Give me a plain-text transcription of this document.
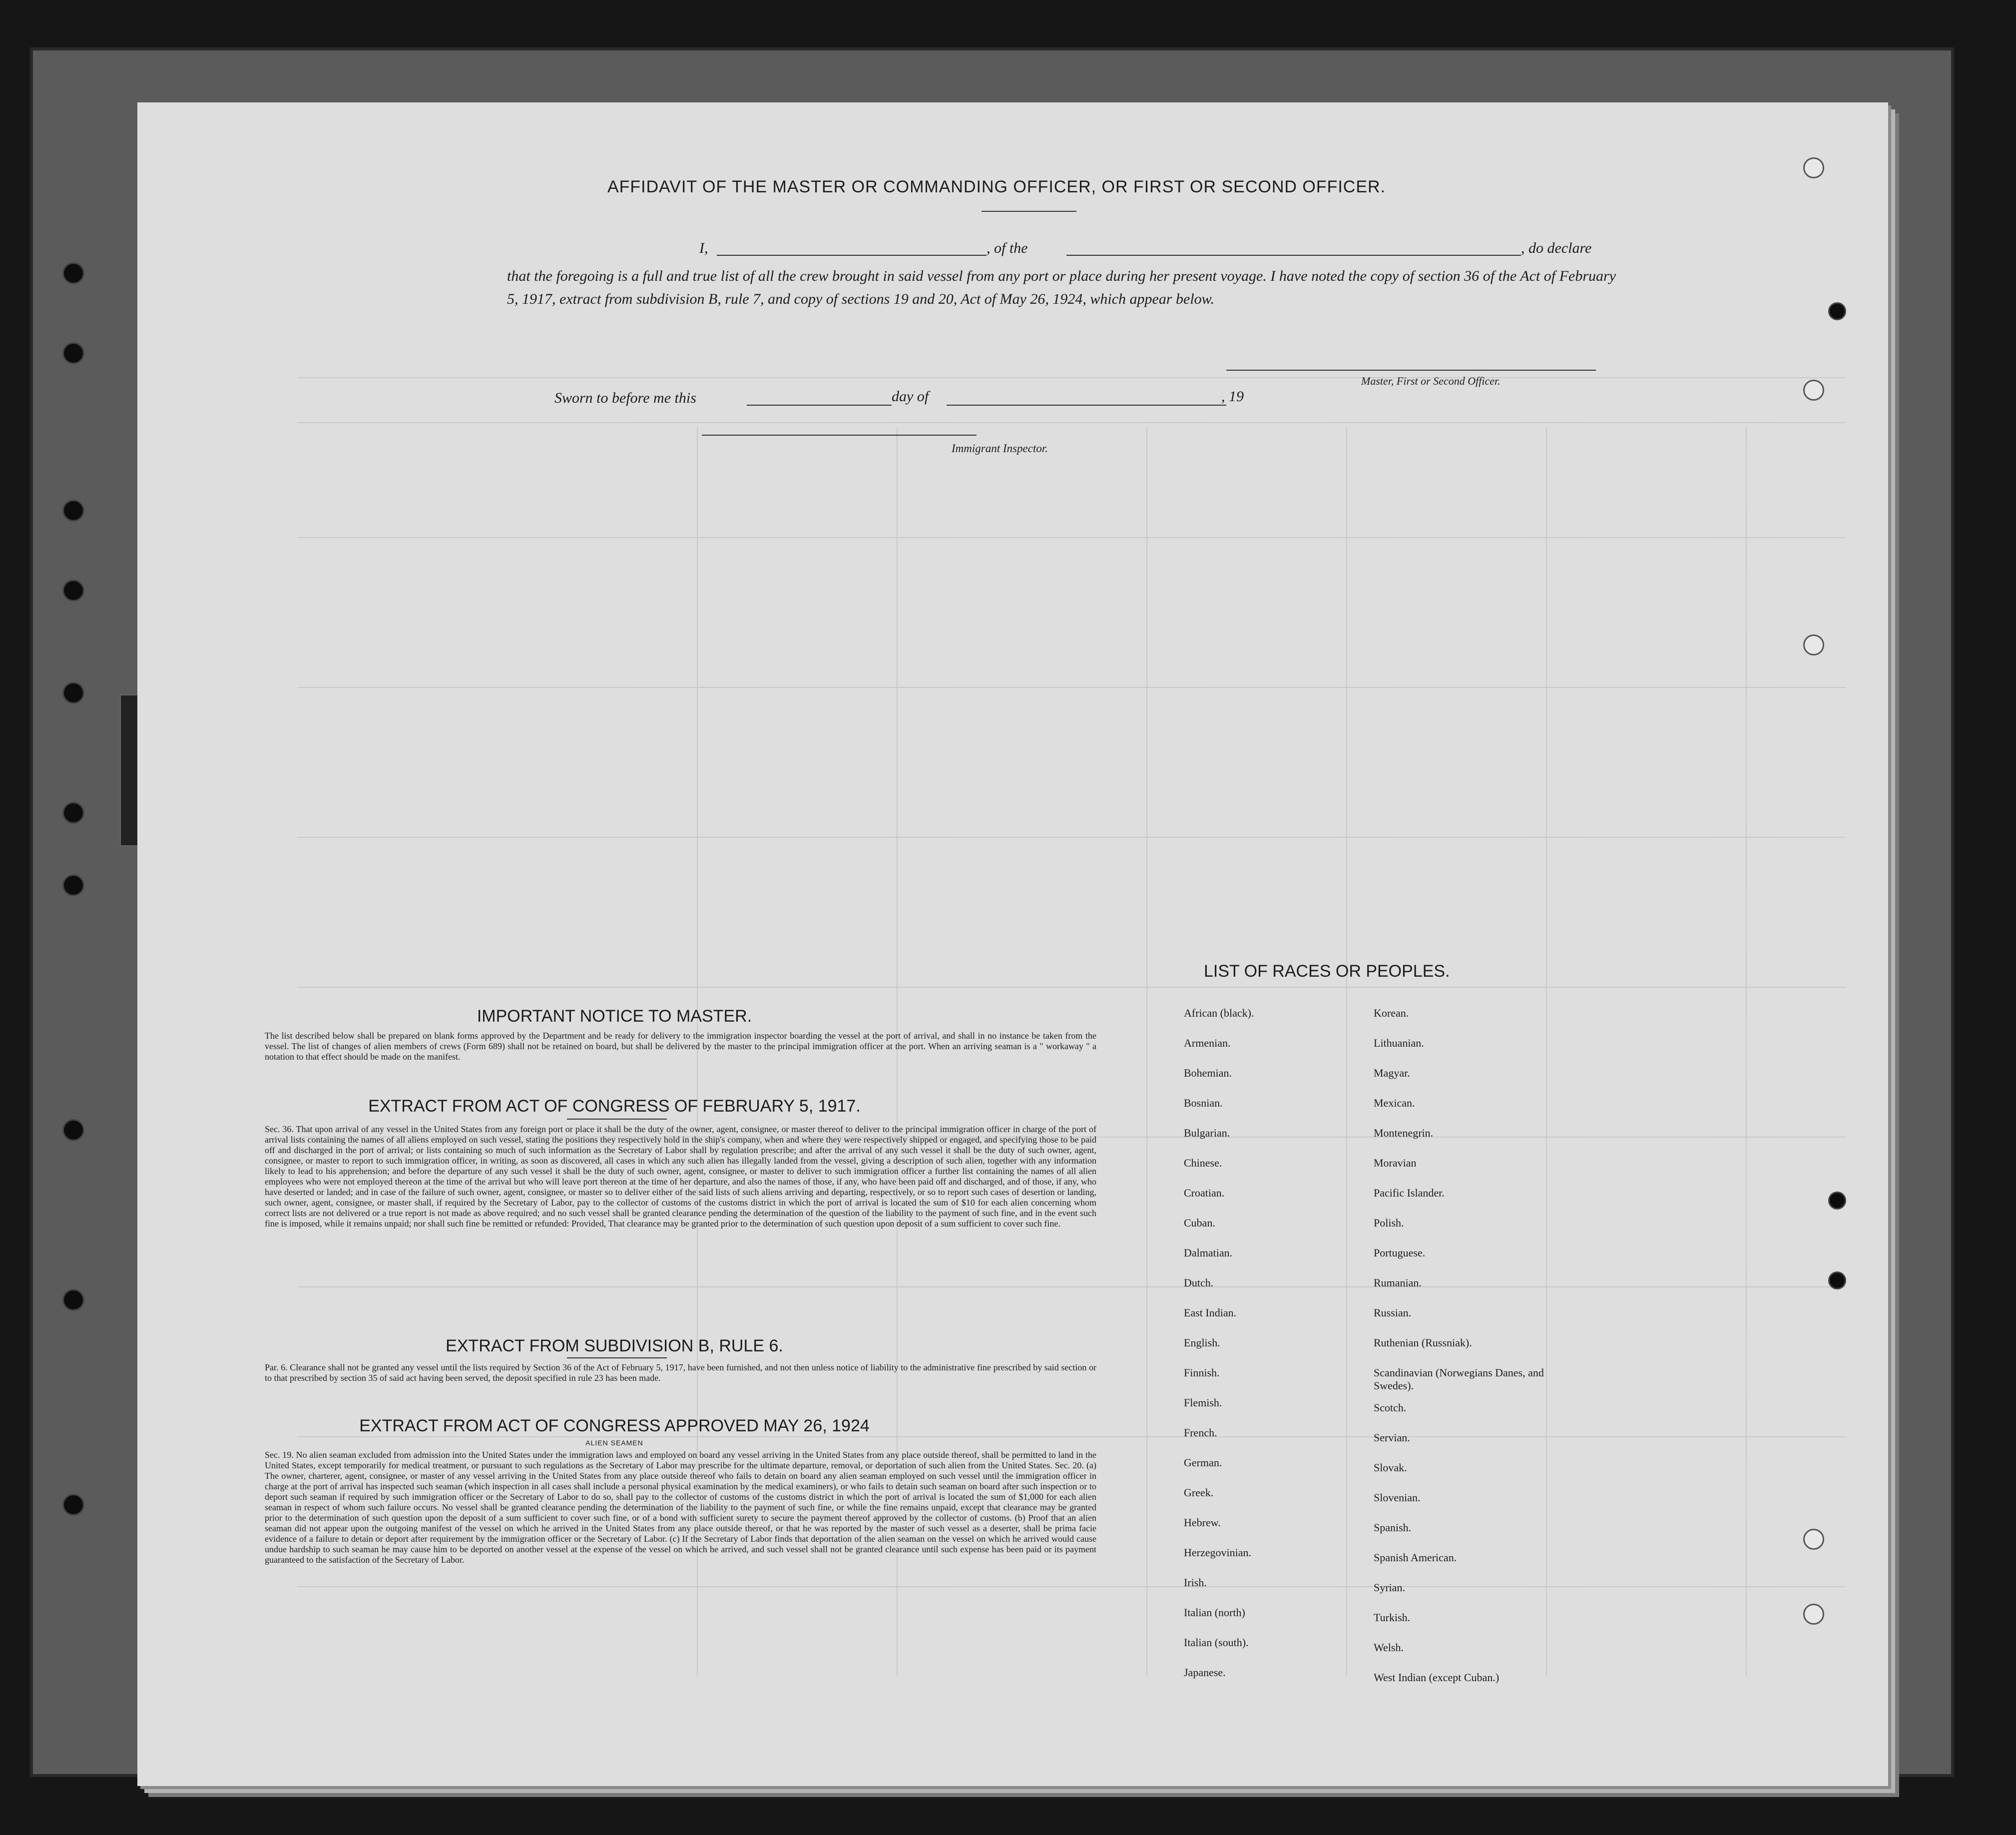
AFFIDAVIT OF THE MASTER OR COMMANDING OFFICER, OR FIRST OR SECOND OFFICER.
I,	, of the	, do declare
that the foregoing is a full and true list of all the crew brought in said vessel from any port or place during her present voyage. I have noted the copy of section 36 of the Act of February 5, 1917, extract from subdivision B, rule 7, and copy of sections 19 and 20, Act of May 26, 1924, which appear below.
Master, First or Second Officer.
Sworn to before me this	day of	, 19
Immigrant Inspector.
IMPORTANT NOTICE TO MASTER.
The list described below shall be prepared on blank forms approved by the Department and be ready for delivery to the immigration inspector boarding the vessel at the port of arrival, and shall in no instance be taken from the vessel. The list of changes of alien members of crews (Form 689) shall not be retained on board, but shall be delivered by the master to the principal immigration officer at the port. When an arriving seaman is a " workaway " a notation to that effect should be made on the manifest.
EXTRACT FROM ACT OF CONGRESS OF FEBRUARY 5, 1917.
Sec. 36. That upon arrival of any vessel in the United States from any foreign port or place it shall be the duty of the owner, agent, consignee, or master thereof to deliver to the principal immigration officer in charge of the port of arrival lists containing the names of all aliens employed on such vessel, stating the positions they respectively hold in the ship's company, when and where they were respectively shipped or engaged, and specifying those to be paid off and discharged in the port of arrival; or lists containing so much of such information as the Secretary of Labor shall by regulation prescribe; and after the arrival of any such vessel it shall be the duty of such owner, agent, consignee, or master to report to such immigration officer, in writing, as soon as discovered, all cases in which any such alien has illegally landed from the vessel, giving a description of such alien, together with any information likely to lead to his apprehension; and before the departure of any such vessel it shall be the duty of such owner, agent, consignee, or master to deliver to such immigration officer a further list containing the names of all alien employees who were not employed thereon at the time of the arrival but who will leave port thereon at the time of her departure, and also the names of those, if any, who have been paid off and discharged, and of those, if any, who have deserted or landed; and in case of the failure of such owner, agent, consignee, or master so to deliver either of the said lists of such aliens arriving and departing, respectively, or so to report such cases of desertion or landing, such owner, agent, consignee, or master shall, if required by the Secretary of Labor, pay to the collector of customs of the customs district in which the port of arrival is located the sum of $10 for each alien concerning whom correct lists are not delivered or a true report is not made as above required; and no such vessel shall be granted clearance pending the determination of the question of the liability to the payment of such fine, and in the event such fine is imposed, while it remains unpaid; nor shall such fine be remitted or refunded: Provided, That clearance may be granted prior to the determination of such question upon deposit of a sum sufficient to cover such fine.
EXTRACT FROM SUBDIVISION B, RULE 6.
Par. 6. Clearance shall not be granted any vessel until the lists required by Section 36 of the Act of February 5, 1917, have been furnished, and not then unless notice of liability to the administrative fine prescribed by said section or to that prescribed by section 35 of said act having been served, the deposit specified in rule 23 has been made.
EXTRACT FROM ACT OF CONGRESS APPROVED MAY 26, 1924
ALIEN SEAMEN
Sec. 19. No alien seaman excluded from admission into the United States under the immigration laws and employed on board any vessel arriving in the United States from any place outside thereof, shall be permitted to land in the United States, except temporarily for medical treatment, or pursuant to such regulations as the Secretary of Labor may prescribe for the ultimate departure, removal, or deportation of such alien from the United States. Sec. 20. (a) The owner, charterer, agent, consignee, or master of any vessel arriving in the United States from any place outside thereof who fails to detain on board any alien seaman employed on such vessel until the immigration officer in charge at the port of arrival has inspected such seaman (which inspection in all cases shall include a personal physical examination by the medical examiners), or who fails to detain such seaman on board after such inspection or to deport such seaman if required by such immigration officer or the Secretary of Labor to do so, shall pay to the collector of customs of the customs district in which the port of arrival is located the sum of $1,000 for each alien seaman in respect of whom such failure occurs. No vessel shall be granted clearance pending the determination of the liability to the payment of such fine, or while the fine remains unpaid, except that clearance may be granted prior to the determination of such question upon the deposit of a sum sufficient to cover such fine, or of a bond with sufficient surety to secure the payment thereof approved by the collector of customs. (b) Proof that an alien seaman did not appear upon the outgoing manifest of the vessel on which he arrived in the United States from any place outside thereof, or that he was reported by the master of such vessel as a deserter, shall be prima facie evidence of a failure to detain or deport after requirement by the immigration officer or the Secretary of Labor. (c) If the Secretary of Labor finds that deportation of the alien seaman on the vessel on which he arrived would cause undue hardship to such seaman he may cause him to be deported on another vessel at the expense of the vessel on which he arrived, and such vessel shall not be granted clearance until such expense has been paid or its payment guaranteed to the satisfaction of the Secretary of Labor.
LIST OF RACES OR PEOPLES.
African (black).
Armenian.
Bohemian.
Bosnian.
Bulgarian.
Chinese.
Croatian.
Cuban.
Dalmatian.
Dutch.
East Indian.
English.
Finnish.
Flemish.
French.
German.
Greek.
Hebrew.
Herzegovinian.
Irish.
Italian (north)
Italian (south).
Japanese.
Korean.
Lithuanian.
Magyar.
Mexican.
Montenegrin.
Moravian
Pacific Islander.
Polish.
Portuguese.
Rumanian.
Russian.
Ruthenian (Russniak).
Scandinavian (Norwegians Danes, and Swedes).
Scotch.
Servian.
Slovak.
Slovenian.
Spanish.
Spanish American.
Syrian.
Turkish.
Welsh.
West Indian (except Cuban.)
